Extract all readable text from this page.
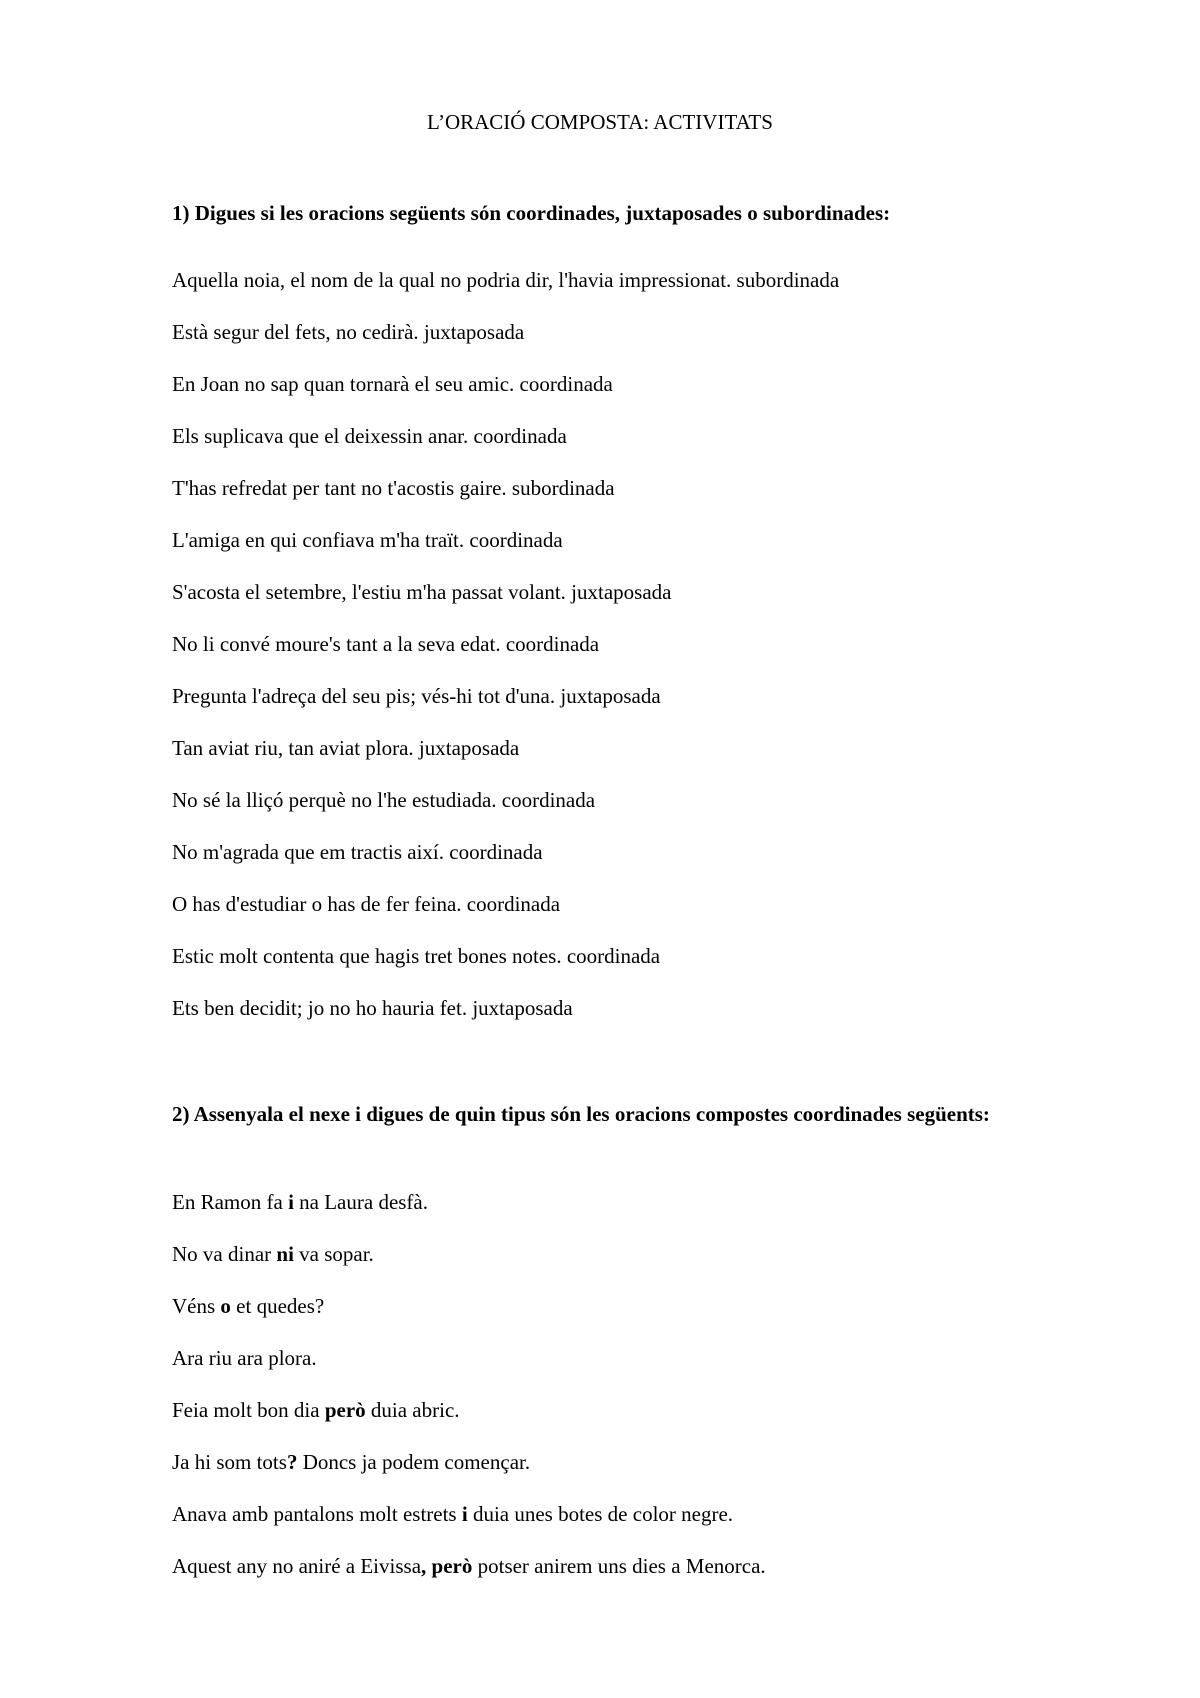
L’ORACIÓ COMPOSTA: ACTIVITATS
1) Digues si les oracions següents són coordinades, juxtaposades o subordinades:
Aquella noia, el nom de la qual no podria dir, l'havia impressionat. subordinada
Està segur del fets, no cedirà. juxtaposada
En Joan no sap quan tornarà el seu amic. coordinada
Els suplicava que el deixessin anar. coordinada
T'has refredat per tant no t'acostis gaire. subordinada
L'amiga en qui confiava m'ha traït. coordinada
S'acosta el setembre, l'estiu m'ha passat volant. juxtaposada
No li convé moure's tant a la seva edat. coordinada
Pregunta l'adreça del seu pis; vés-hi tot d'una. juxtaposada
Tan aviat riu, tan aviat plora. juxtaposada
No sé la lliçó perquè no l'he estudiada. coordinada
No m'agrada que em tractis així. coordinada
O has d'estudiar o has de fer feina. coordinada
Estic molt contenta que hagis tret bones notes. coordinada
Ets ben decidit; jo no ho hauria fet. juxtaposada
2) Assenyala el nexe i digues de quin tipus són les oracions compostes coordinades següents:
En Ramon fa i na Laura desfà.
No va dinar ni va sopar.
Véns o et quedes?
Ara riu ara plora.
Feia molt bon dia però duia abric.
Ja hi som tots? Doncs ja podem començar.
Anava amb pantalons molt estrets i duia unes botes de color negre.
Aquest any no aniré a Eivissa, però potser anirem uns dies a Menorca.
